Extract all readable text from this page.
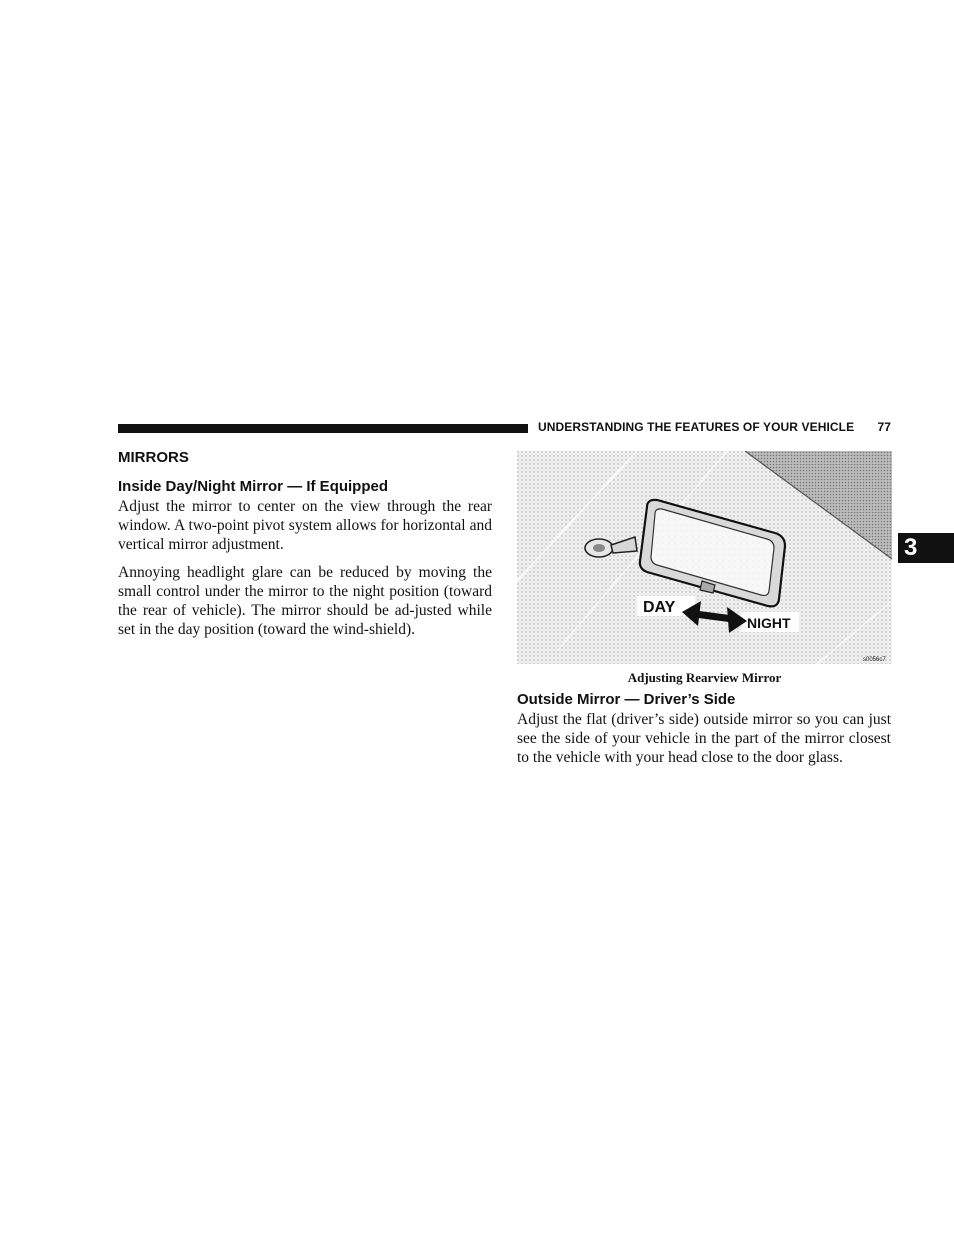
UNDERSTANDING THE FEATURES OF YOUR VEHICLE 77
3
MIRRORS
Inside Day/Night Mirror — If Equipped

Adjust the mirror to center on the view through the rear window. A two-point pivot system allows for horizontal and vertical mirror adjustment.

Annoying headlight glare can be reduced by moving the small control under the mirror to the night position (toward the rear of vehicle). The mirror should be ad-justed while set in the day position (toward the wind-shield).

DAY
NIGHT
s0056c7
Adjusting Rearview Mirror
Outside Mirror — Driver’s Side

Adjust the flat (driver’s side) outside mirror so you can just see the side of your vehicle in the part of the mirror closest to the vehicle with your head close to the door glass.
